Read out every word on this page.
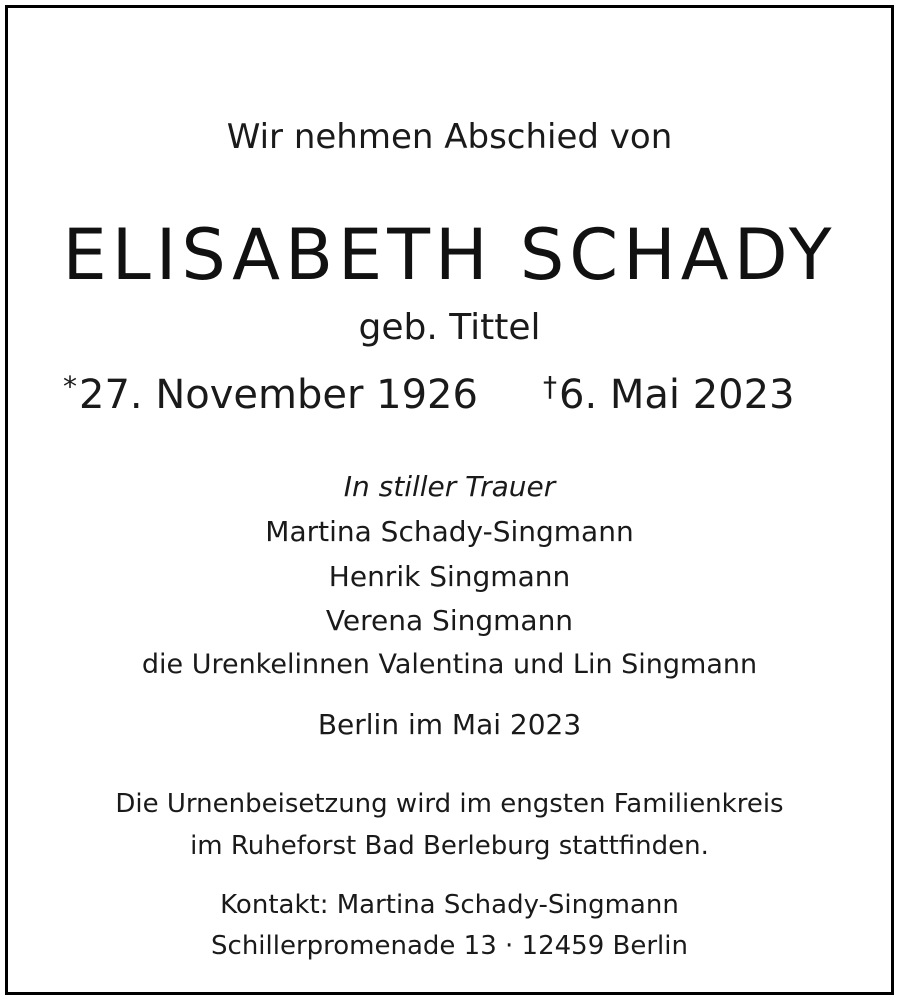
Wir nehmen Abschied von
ELISABETH SCHADY
geb. Tittel
*27. November 1926 †6. Mai 2023
In stiller Trauer
Martina Schady-Singmann
Henrik Singmann
Verena Singmann
die Urenkelinnen Valentina und Lin Singmann
Berlin im Mai 2023
Die Urnenbeisetzung wird im engsten Familienkreis
im Ruheforst Bad Berleburg stattfinden.
Kontakt: Martina Schady-Singmann
Schillerpromenade 13 · 12459 Berlin
